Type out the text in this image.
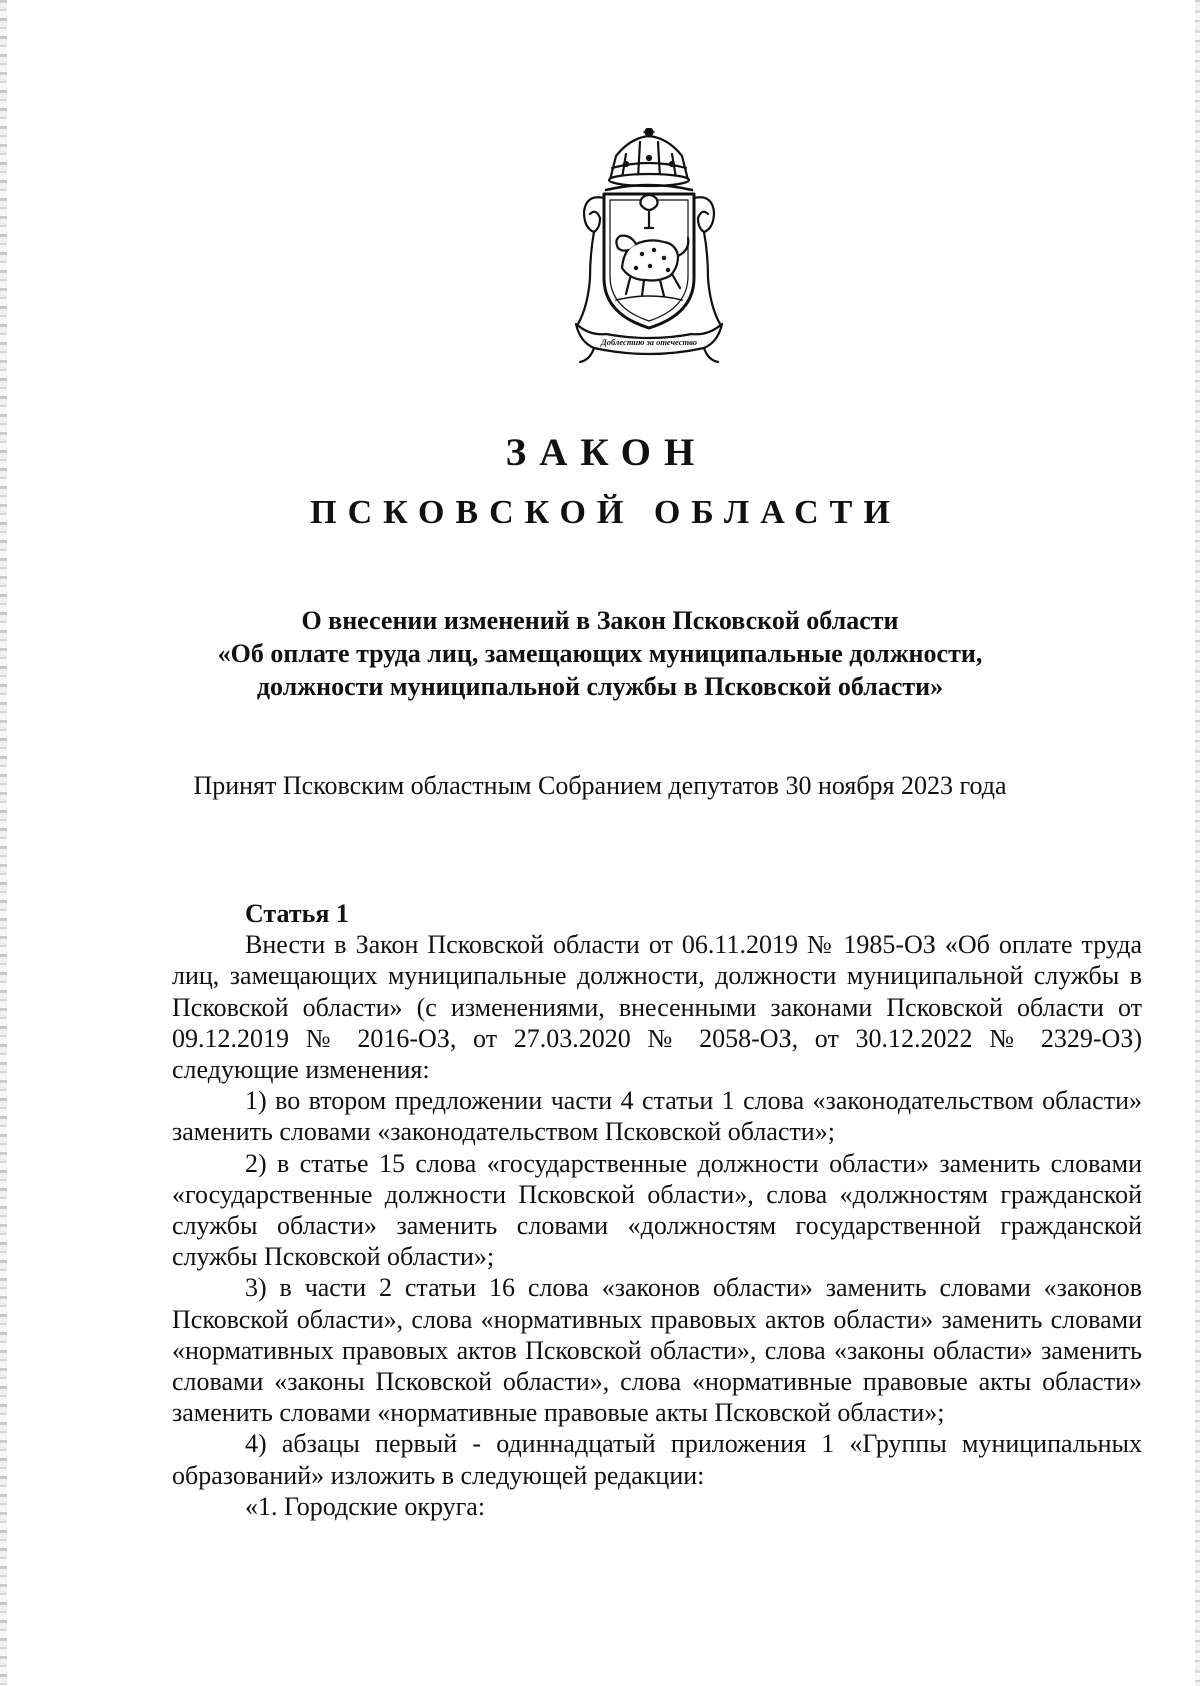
Доблестию за отечество
ЗАКОН
ПСКОВСКОЙ ОБЛАСТИ
О внесении изменений в Закон Псковской области
«Об оплате труда лиц, замещающих муниципальные должности,
должности муниципальной службы в Псковской области»
Принят Псковским областным Собранием депутатов 30 ноября 2023 года

Статья 1

Внести в Закон Псковской области от 06.11.2019 № 1985-ОЗ «Об оплате труда лиц, замещающих муниципальные должности, должности муниципальной службы в Псковской области» (с изменениями, внесенными законами Псковской области от 09.12.2019 № 2016-ОЗ, от 27.03.2020 № 2058-ОЗ, от 30.12.2022 № 2329-ОЗ) следующие изменения:

1) во втором предложении части 4 статьи 1 слова «законодательством области» заменить словами «законодательством Псковской области»;

2) в статье 15 слова «государственные должности области» заменить словами «государственные должности Псковской области», слова «должностям гражданской службы области» заменить словами «должностям государственной гражданской службы Псковской области»;

3) в части 2 статьи 16 слова «законов области» заменить словами «законов Псковской области», слова «нормативных правовых актов области» заменить словами «нормативных правовых актов Псковской области», слова «законы области» заменить словами «законы Псковской области», слова «нормативные правовые акты области» заменить словами «нормативные правовые акты Псковской области»;

4) абзацы первый - одиннадцатый приложения 1 «Группы муниципальных образований» изложить в следующей редакции:

«1. Городские округа:
